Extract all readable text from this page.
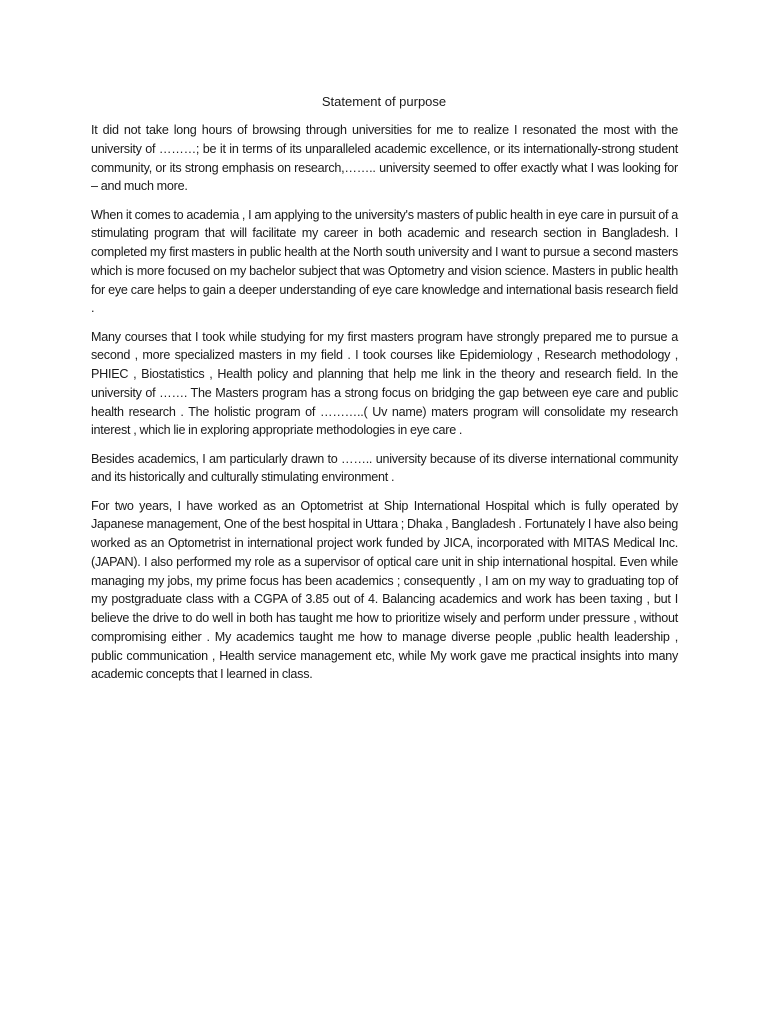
Statement of purpose

It did not take long hours of browsing through universities for me to realize I resonated the most with the university of ………; be it in terms of its unparalleled academic excellence, or its internationally-strong student community, or its strong emphasis on research,…….. university seemed to offer exactly what I was looking for – and much more.

When it comes to academia , I am applying to the university's masters of public health in eye care in pursuit of a stimulating program that will facilitate my career in both academic and research section in Bangladesh. I completed my first masters in public health at the North south university and I want to pursue a second masters which is more focused on my bachelor subject that was Optometry and vision science. Masters in public health for eye care helps to gain a deeper understanding of eye care knowledge and international basis research field .

Many courses that I took while studying for my first masters program have strongly prepared me to pursue a second , more specialized masters in my field . I took courses like Epidemiology , Research methodology , PHIEC , Biostatistics , Health policy and planning that help me link in the theory and research field. In the university of ……. The Masters program has a strong focus on bridging the gap between eye care and public health research . The holistic program of ………..( Uv name) maters program will consolidate my research interest , which lie in exploring appropriate methodologies in eye care .

Besides academics, I am particularly drawn to …….. university because of its diverse international community and its historically and culturally stimulating environment .

For two years, I have worked as an Optometrist at Ship International Hospital which is fully operated by Japanese management, One of the best hospital in Uttara ; Dhaka , Bangladesh . Fortunately I have also being worked as an Optometrist in international project work funded by JICA, incorporated with MITAS Medical Inc. (JAPAN). I also performed my role as a supervisor of optical care unit in ship international hospital. Even while managing my jobs, my prime focus has been academics ; consequently , I am on my way to graduating top of my postgraduate class with a CGPA of 3.85 out of 4. Balancing academics and work has been taxing , but I believe the drive to do well in both has taught me how to prioritize wisely and perform under pressure , without compromising either . My academics taught me how to manage diverse people ,public health leadership , public communication , Health service management etc, while My work gave me practical insights into many academic concepts that I learned in class.
